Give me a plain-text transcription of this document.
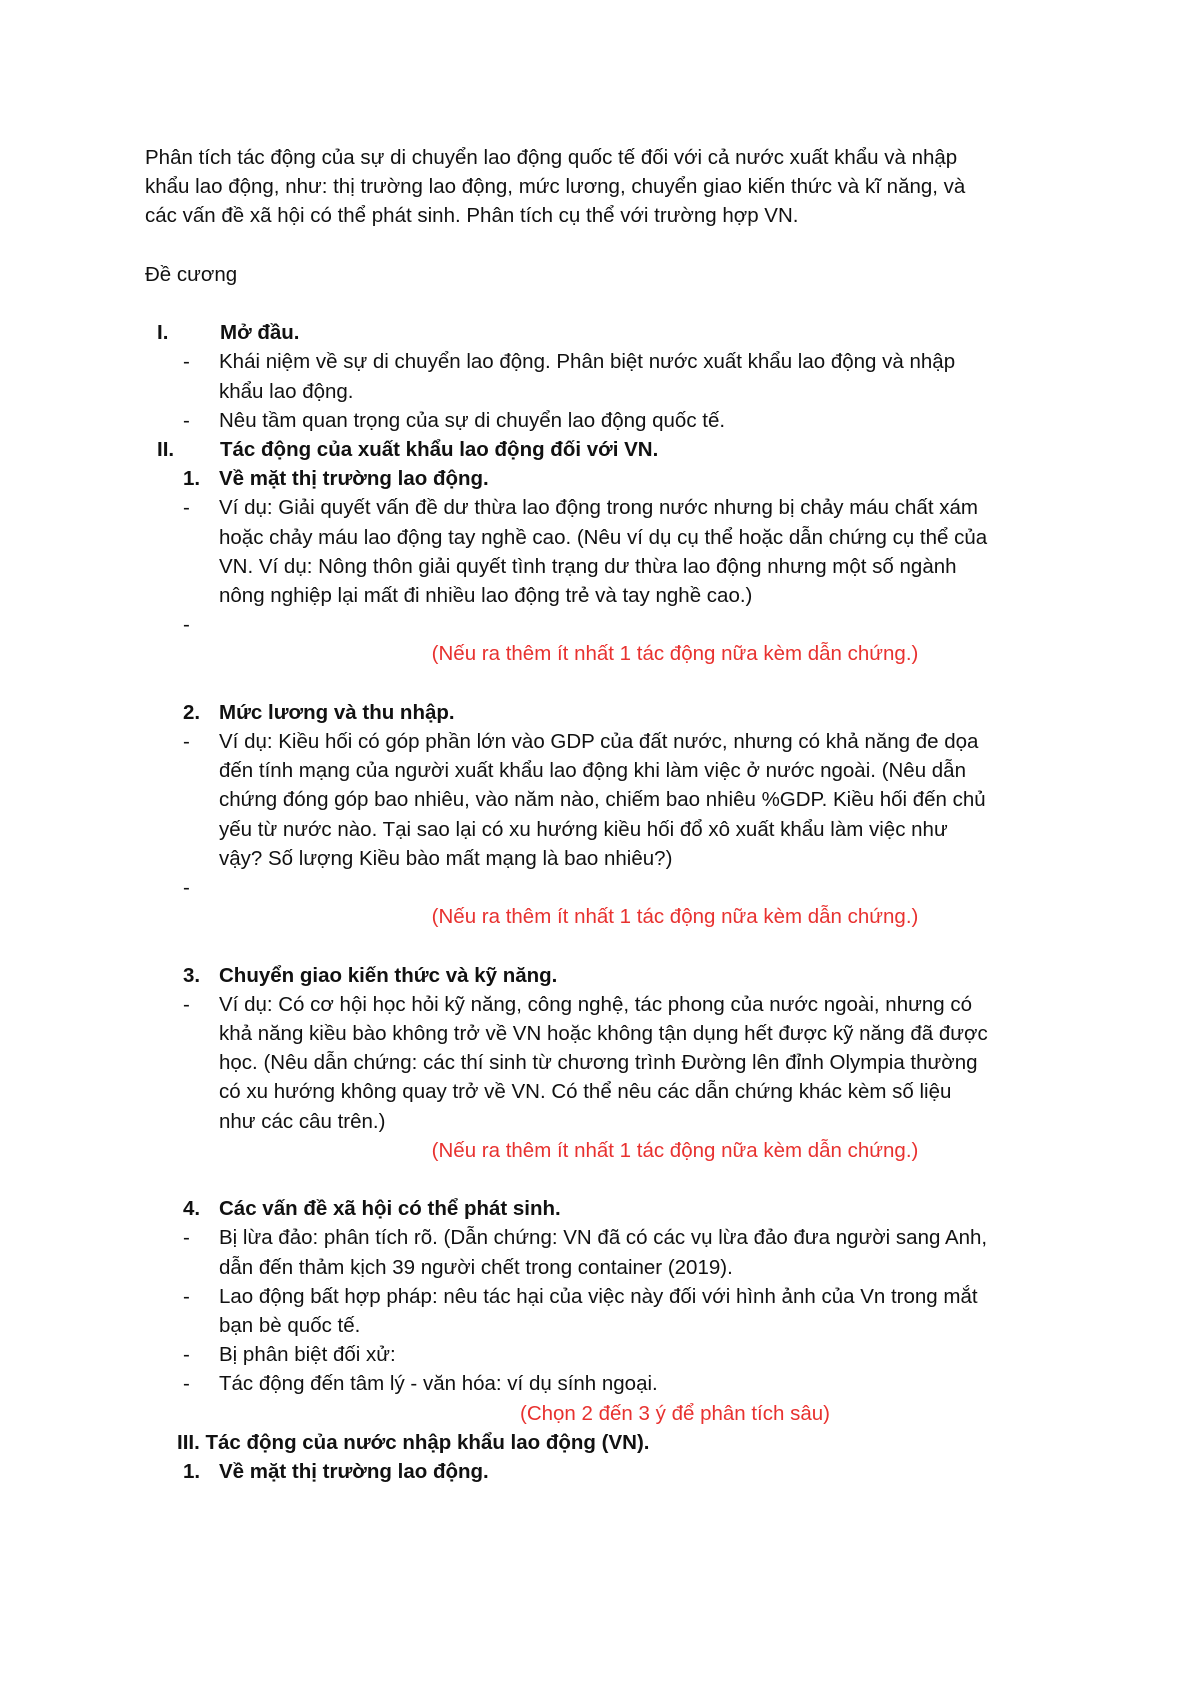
Phân tích tác động của sự di chuyển lao động quốc tế đối với cả nước xuất khẩu và nhập

khẩu lao động, như: thị trường lao động, mức lương, chuyển giao kiến thức và kĩ năng, và

các vấn đề xã hội có thể phát sinh. Phân tích cụ thể với trường hợp VN.

Đề cương

I.	Mở đầu.
-	Khái niệm về sự di chuyển lao động. Phân biệt nước xuất khẩu lao động và nhập
khẩu lao động.
-	Nêu tầm quan trọng của sự di chuyển lao động quốc tế.
II.	Tác động của xuất khẩu lao động đối với VN.
1. Về mặt thị trường lao động.
-	Ví dụ: Giải quyết vấn đề dư thừa lao động trong nước nhưng bị chảy máu chất xám
hoặc chảy máu lao động tay nghề cao. (Nêu ví dụ cụ thể hoặc dẫn chứng cụ thể của
VN. Ví dụ: Nông thôn giải quyết tình trạng dư thừa lao động nhưng một số ngành
nông nghiệp lại mất đi nhiều lao động trẻ và tay nghề cao.)
-

(Nếu ra thêm ít nhất 1 tác động nữa kèm dẫn chứng.)

2. Mức lương và thu nhập.
-	Ví dụ: Kiều hối có góp phần lớn vào GDP của đất nước, nhưng có khả năng đe dọa
đến tính mạng của người xuất khẩu lao động khi làm việc ở nước ngoài. (Nêu dẫn
chứng đóng góp bao nhiêu, vào năm nào, chiếm bao nhiêu %GDP. Kiều hối đến chủ
yếu từ nước nào. Tại sao lại có xu hướng kiều hối đổ xô xuất khẩu làm việc như
vậy? Số lượng Kiều bào mất mạng là bao nhiêu?)
-

(Nếu ra thêm ít nhất 1 tác động nữa kèm dẫn chứng.)

3. Chuyển giao kiến thức và kỹ năng.
-	Ví dụ: Có cơ hội học hỏi kỹ năng, công nghệ, tác phong của nước ngoài, nhưng có
khả năng kiều bào không trở về VN hoặc không tận dụng hết được kỹ năng đã được
học. (Nêu dẫn chứng: các thí sinh từ chương trình Đường lên đỉnh Olympia thường
có xu hướng không quay trở về VN. Có thể nêu các dẫn chứng khác kèm số liệu
như các câu trên.)

(Nếu ra thêm ít nhất 1 tác động nữa kèm dẫn chứng.)

4. Các vấn đề xã hội có thể phát sinh.
-	Bị lừa đảo: phân tích rõ. (Dẫn chứng: VN đã có các vụ lừa đảo đưa người sang Anh,
dẫn đến thảm kịch 39 người chết trong container (2019).
-	Lao động bất hợp pháp: nêu tác hại của việc này đối với hình ảnh của Vn trong mắt
bạn bè quốc tế.
-	Bị phân biệt đối xử:
-	Tác động đến tâm lý - văn hóa: ví dụ sính ngoại.

(Chọn 2 đến 3 ý để phân tích sâu)

III. Tác động của nước nhập khẩu lao động (VN).

1. Về mặt thị trường lao động.
